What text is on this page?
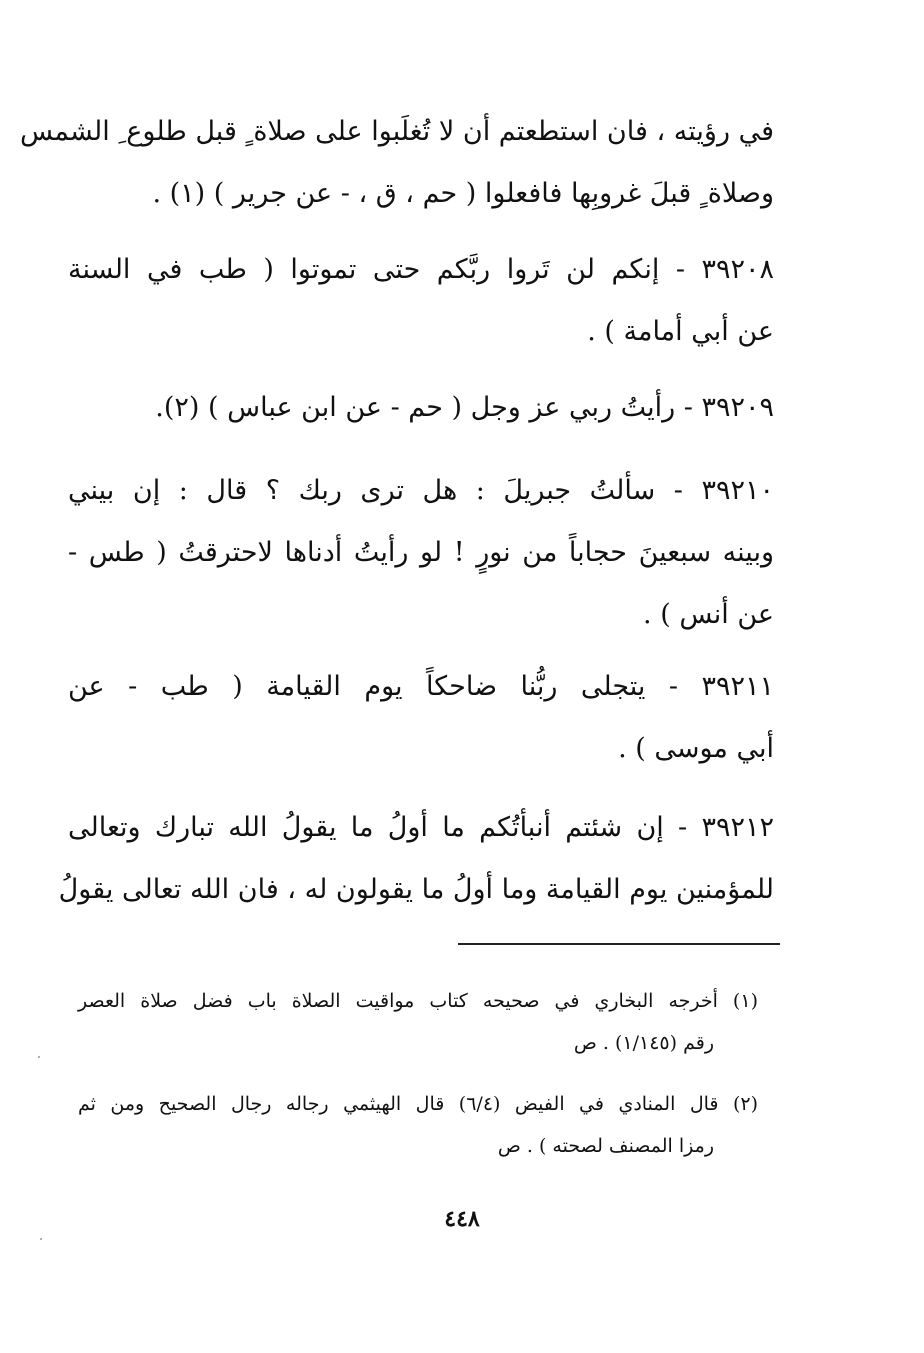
في رؤيته ، فان استطعتم أن لا تُغلَبوا على صلاة ٍ قبل طلوع ِ الشمس
وصلاة ٍ قبلَ غروبِها فافعلوا ( حم ، ق ، - عن جرير ) (١) .
٣٩٢٠٨ - إنكم لن تَروا ربَّكم حتى تموتوا ( طب في السنة
عن أبي أمامة ) .
٣٩٢٠٩ - رأيتُ ربي عز وجل ( حم - عن ابن عباس ) (٢).
٣٩٢١٠ - سألتُ جبريلَ : هل ترى ربك ؟ قال : إن بيني
وبينه سبعينَ حجاباً من نورٍ ! لو رأيتُ أدناها لاحترقتُ ( طس -
عن أنس ) .
٣٩٢١١ - يتجلى ربُّنا ضاحكاً يوم القيامة ( طب - عن
أبي موسى ) .
٣٩٢١٢ - إن شئتم أنبأتُكم ما أولُ ما يقولُ الله تبارك وتعالى
للمؤمنين يوم القيامة وما أولُ ما يقولون له ، فان الله تعالى يقولُ
(١) أخرجه البخاري في صحيحه كتاب مواقيت الصلاة باب فضل صلاة العصر
رقم (١/١٤٥) . ص
(٢) قال المنادي في الفيض (٦/٤) قال الهيثمي رجاله رجال الصحيح ومن ثم
رمزا المصنف لصحته ) . ص
٤٤٨
